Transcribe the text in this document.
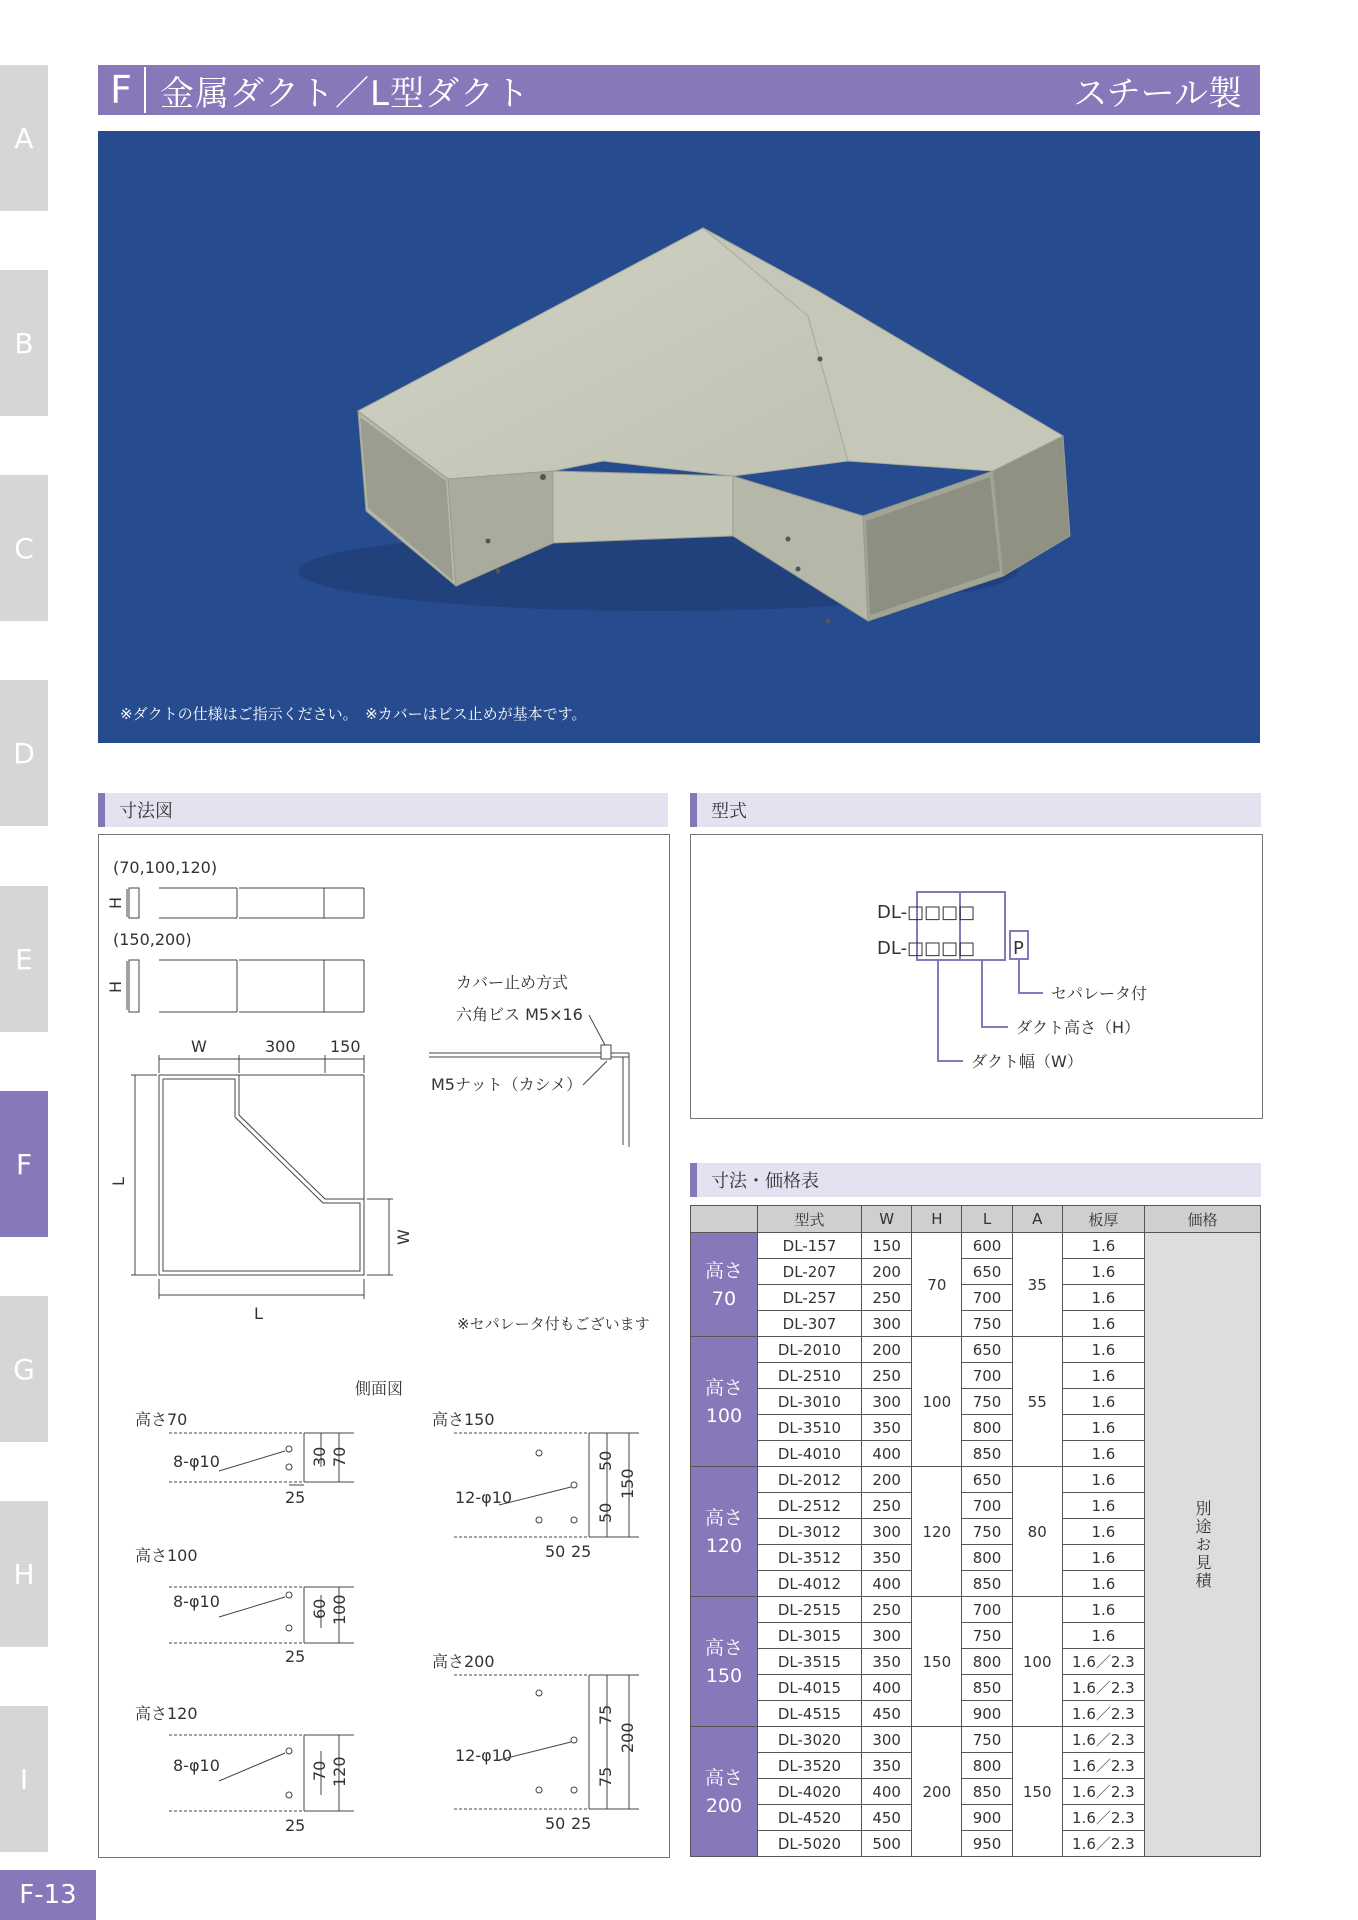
A
B
C
D
E
F
G
H
I
F-13
F 金属ダクト／L型ダクト	スチール製
※ダクトの仕様はご指示ください。　※カバーはビス止めが基本です。
寸法図	型式
寸法・価格表
(70,100,120)
(150,200)
H
H
W	300 150
L
L
W
カバー止め方式
六角ビス M5×16
M5ナット（カシメ）
※セパレータ付もございます
側面図
高さ70
8-φ10	30 70
25
高さ100
8-φ10	60 100
25
高さ120
8-φ10	70 120
25
高さ150
12-φ10
50
50
150
50 25
高さ200
12-φ10
75
75
200
50 25
DL-□□□□
DL-□□□□ P
セパレータ付
ダクト高さ（H）
ダクト幅（W）
	型式	W	H	L	A	板厚	価格

高さ
70	DL-157	150	70	600	35	1.6	別途お見積
	DL-207	200		650		1.6	
	DL-257	250		700		1.6	
	DL-307	300		750		1.6	

高さ
100	DL-2010	200	100	650	55	1.6	
	DL-2510	250		700		1.6	
	DL-3010	300		750		1.6	
	DL-3510	350		800		1.6	
	DL-4010	400		850		1.6	

高さ
120	DL-2012	200	120	650	80	1.6	
	DL-2512	250		700		1.6	
	DL-3012	300		750		1.6	
	DL-3512	350		800		1.6	
	DL-4012	400		850		1.6	

高さ
150	DL-2515	250	150	700	100	1.6	
	DL-3015	300		750		1.6	
	DL-3515	350		800		1.6／2.3	
	DL-4015	400		850		1.6／2.3	
	DL-4515	450		900		1.6／2.3	

高さ
200	DL-3020	300	200	750	150	1.6／2.3	
	DL-3520	350		800		1.6／2.3	
	DL-4020	400		850		1.6／2.3	
	DL-4520	450		900		1.6／2.3	
	DL-5020	500		950		1.6／2.3	
